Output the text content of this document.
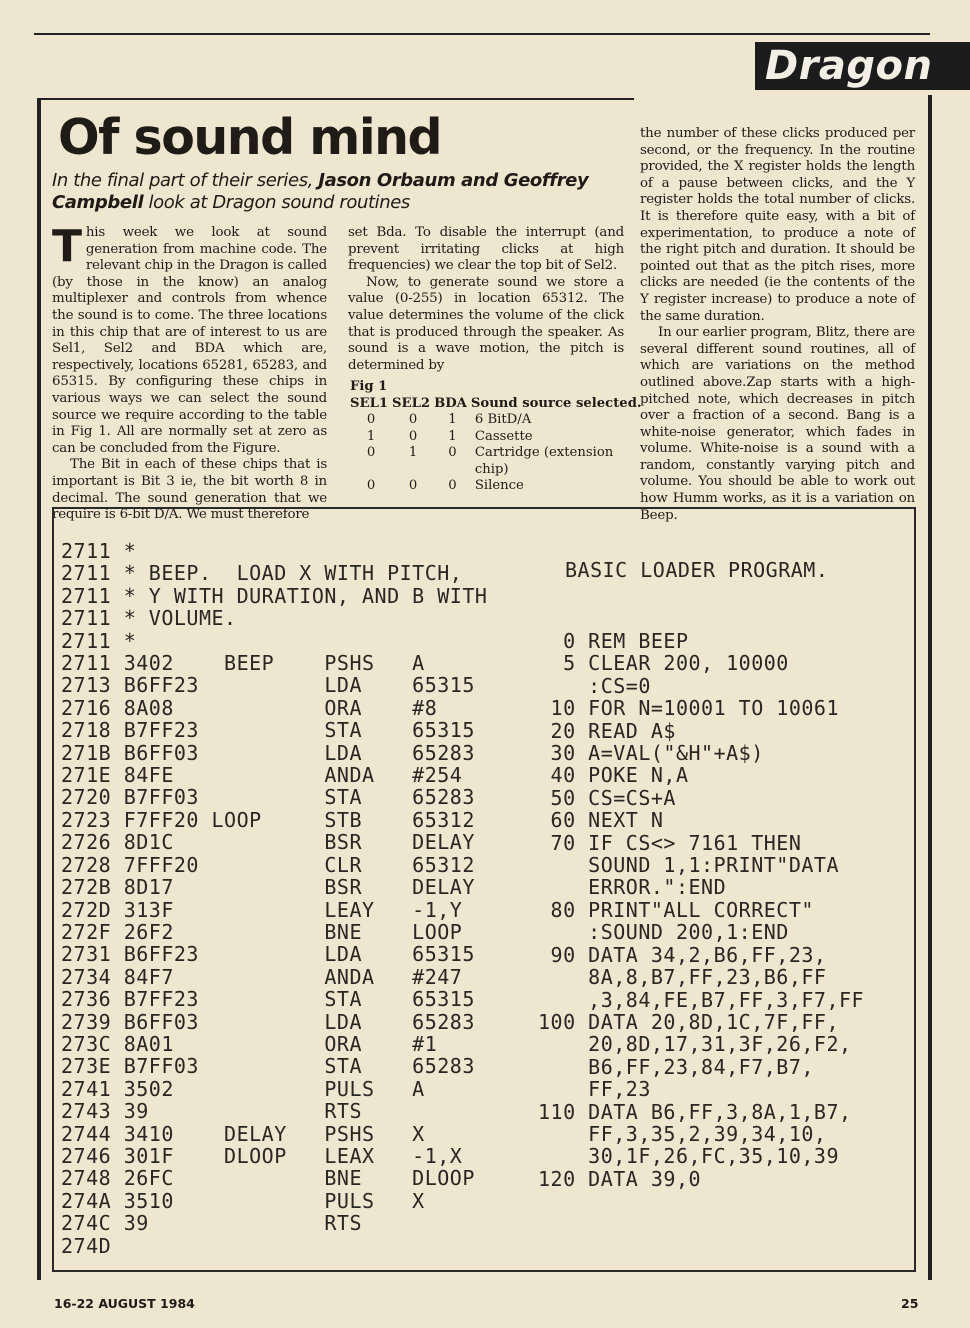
Dragon
Of sound mind

In the final part of their series, Jason Orbaum and Geoffrey Campbell look at Dragon sound routines

This week we look at sound generation from machine code. The relevant chip in the Dragon is called (by those in the know) an analog multiplexer and controls from whence the sound is to come. The three locations in this chip that are of interest to us are Sel1, Sel2 and BDA which are, respectively, locations 65281, 65283, and 65315. By configuring these chips in various ways we can select the sound source we require according to the table in Fig 1. All are normally set at zero as can be concluded from the Figure.

The Bit in each of these chips that is important is Bit 3 ie, the bit worth 8 in decimal. The sound generation that we require is 6-bit D/A. We must therefore

set Bda. To disable the interrupt (and prevent irritating clicks at high frequencies) we clear the top bit of Sel2.

Now, to generate sound we store a value (0-255) in location 65312. The value determines the volume of the click that is produced through the speaker. As sound is a wave motion, the pitch is determined by

the number of these clicks produced per second, or the frequency. In the routine provided, the X register holds the length of a pause between clicks, and the Y register holds the total number of clicks. It is therefore quite easy, with a bit of experimentation, to produce a note of the right pitch and duration. It should be pointed out that as the pitch rises, more clicks are needed (ie the contents of the Y register increase) to produce a note of the same duration.

In our earlier program, Blitz, there are several different sound routines, all of which are variations on the method outlined above.Zap starts with a high-pitched note, which decreases in pitch over a fraction of a second. Bang is a white-noise generator, which fades in volume. White-noise is a sound with a random, constantly varying pitch and volume. You should be able to work out how Humm works, as it is a variation on Beep.

Fig 1
SEL1	SEL2	BDA	Sound source selected.
0	0	1	6 BitD/A
1	0	1	Cassette
0	1	0	Cartridge (extension chip)
0	0	0	Silence
2711 *
2711 * BEEP.  LOAD X WITH PITCH,
2711 * Y WITH DURATION, AND B WITH
2711 * VOLUME.
2711 *
2711 3402    BEEP    PSHS   A
2713 B6FF23          LDA    65315
2716 8A08            ORA    #8
2718 B7FF23          STA    65315
271B B6FF03          LDA    65283
271E 84FE            ANDA   #254
2720 B7FF03          STA    65283
2723 F7FF20 LOOP     STB    65312
2726 8D1C            BSR    DELAY
2728 7FFF20          CLR    65312
272B 8D17            BSR    DELAY
272D 313F            LEAY   -1,Y
272F 26F2            BNE    LOOP
2731 B6FF23          LDA    65315
2734 84F7            ANDA   #247
2736 B7FF23          STA    65315
2739 B6FF03          LDA    65283
273C 8A01            ORA    #1
273E B7FF03          STA    65283
2741 3502            PULS   A
2743 39              RTS
2744 3410    DELAY   PSHS   X
2746 301F    DLOOP   LEAX   -1,X
2748 26FC            BNE    DLOOP
274A 3510            PULS   X
274C 39              RTS
274D
BASIC LOADER PROGRAM.
0 REM BEEP
5 CLEAR 200, 10000
:CS=0
10 FOR N=10001 TO 10061
20 READ A$
30 A=VAL("&H"+A$)
40 POKE N,A
50 CS=CS+A
60 NEXT N
70 IF CS<> 7161 THEN
SOUND 1,1:PRINT"DATA
ERROR.":END
80 PRINT"ALL CORRECT"
:SOUND 200,1:END
90 DATA 34,2,B6,FF,23,
8A,8,B7,FF,23,B6,FF
,3,84,FE,B7,FF,3,F7,FF
100 DATA 20,8D,1C,7F,FF,
20,8D,17,31,3F,26,F2,
B6,FF,23,84,F7,B7,
FF,23
110 DATA B6,FF,3,8A,1,B7,
FF,3,35,2,39,34,10,
30,1F,26,FC,35,10,39
120 DATA 39,0
16-22 AUGUST 1984	25
